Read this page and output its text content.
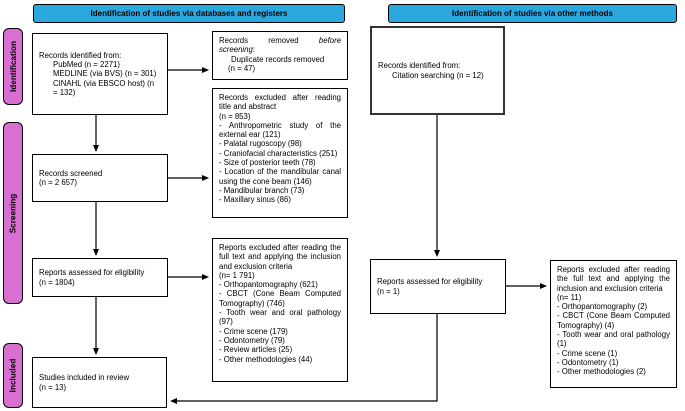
Identification of studies via databases and registers	Identification of studies via other methods
Identification
Screening
Included
Records identified from:
PubMed (n = 2271)
MEDLINE (via BVS) (n = 301)
CINAHL (via EBSCO host) (n
= 132)
Records screened
(n = 2 657)
Reports assessed for eligibility
(n = 1804)
Studies included in review
(n = 13)
Records removed before screening:
Duplicate records removed
(n = 47)
Records excluded after reading title and abstract
(n = 853)
- Anthropometric study of the external ear (121)
- Palatal rugoscopy (98)
- Craniofacial characteristics (251)
- Size of posterior teeth (78)
- Location of the mandibular canal using the cone beam (146)
- Mandibular branch (73)
- Maxillary sinus (86)
Reports excluded after reading the full text and applying the inclusion and exclusion criteria
(n= 1 791)
- Orthopantomography (621)
- CBCT (Cone Beam Computed Tomography) (746)
- Tooth wear and oral pathology (97)
- Crime scene (179)
- Odontometry (79)
- Review articles (25)
- Other methodologies (44)
Records identified from:
Citation searching (n = 12)
Reports assessed for eligibility
(n = 1)
Reports excluded after reading the full text and applying the inclusion and exclusion criteria
(n= 11)
- Orthopantomography (2)
- CBCT (Cone Beam Computed Tomography) (4)
- Tooth wear and oral pathology (1)
- Crime scene (1)
- Odontometry (1)
- Other methodologies (2)
